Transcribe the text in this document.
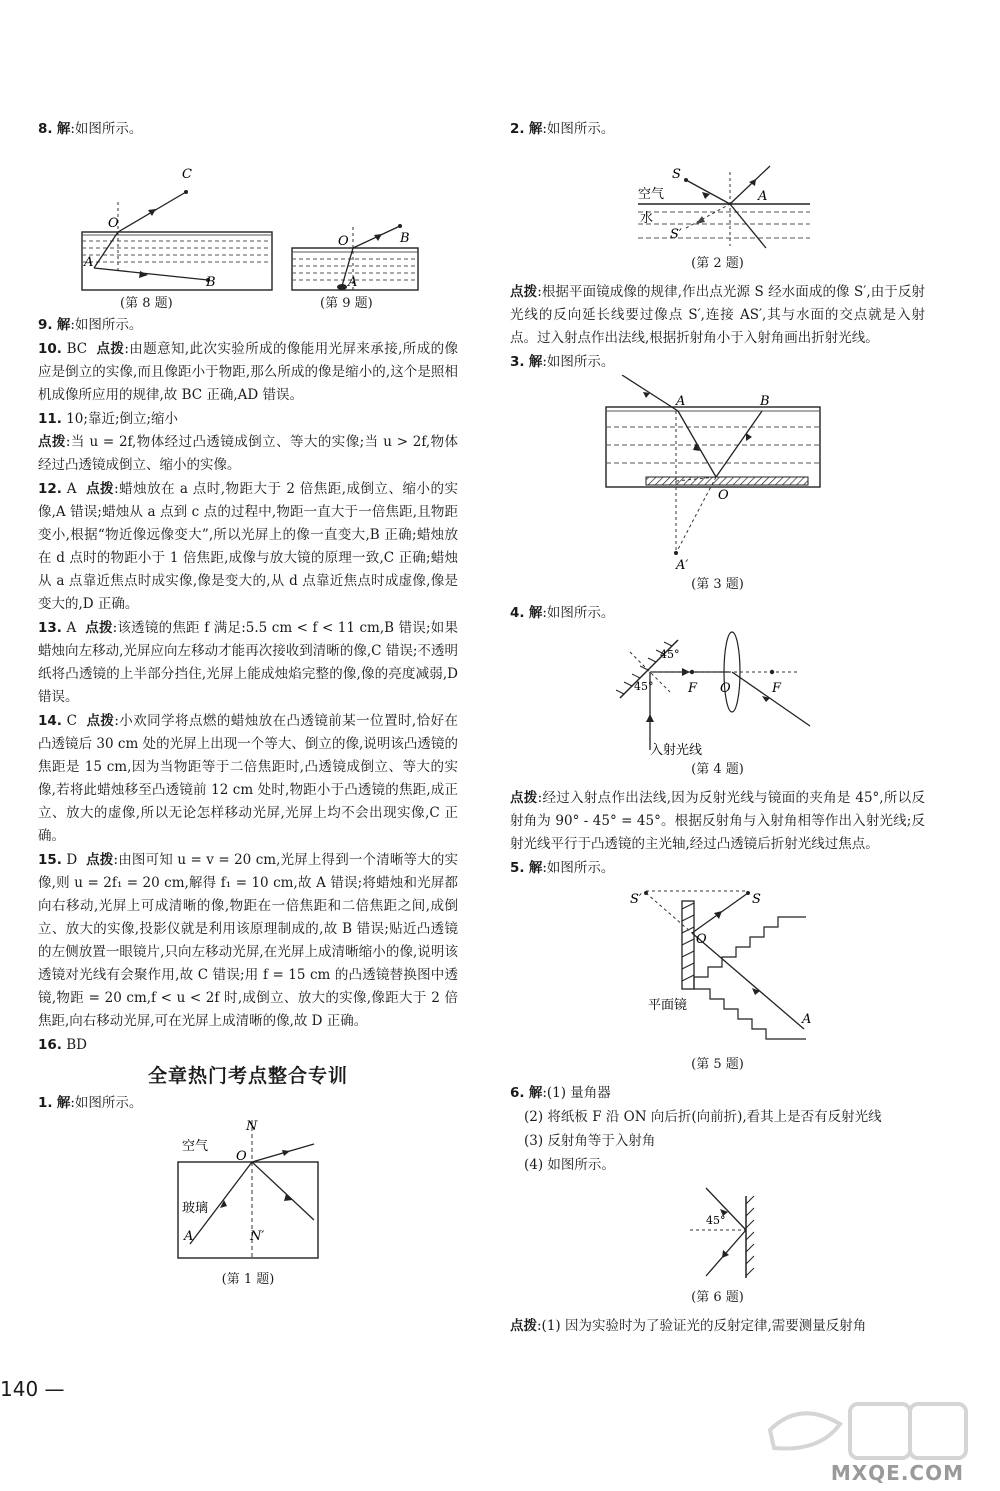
8. 解:如图所示。

C
O
A
B
O	B
A
(第 8 题)	(第 9 题)

9. 解:如图所示。

10. BC 点拨:由题意知,此次实验所成的像能用光屏来承接,所成的像应是倒立的实像,而且像距小于物距,那么所成的像是缩小的,这个是照相机成像所应用的规律,故 BC 正确,AD 错误。

11. 10;靠近;倒立;缩小
点拨:当 u = 2f,物体经过凸透镜成倒立、等大的实像;当 u > 2f,物体经过凸透镜成倒立、缩小的实像。

12. A 点拨:蜡烛放在 a 点时,物距大于 2 倍焦距,成倒立、缩小的实像,A 错误;蜡烛从 a 点到 c 点的过程中,物距一直大于一倍焦距,且物距变小,根据“物近像远像变大”,所以光屏上的像一直变大,B 正确;蜡烛放在 d 点时的物距小于 1 倍焦距,成像与放大镜的原理一致,C 正确;蜡烛从 a 点靠近焦点时成实像,像是变大的,从 d 点靠近焦点时成虚像,像是变大的,D 正确。

13. A 点拨:该透镜的焦距 f 满足:5.5 cm < f < 11 cm,B 错误;如果蜡烛向左移动,光屏应向左移动才能再次接收到清晰的像,C 错误;不透明纸将凸透镜的上半部分挡住,光屏上能成烛焰完整的像,像的亮度减弱,D 错误。

14. C 点拨:小欢同学将点燃的蜡烛放在凸透镜前某一位置时,恰好在凸透镜后 30 cm 处的光屏上出现一个等大、倒立的像,说明该凸透镜的焦距是 15 cm,因为当物距等于二倍焦距时,凸透镜成倒立、等大的实像,若将此蜡烛移至凸透镜前 12 cm 处时,物距小于凸透镜的焦距,成正立、放大的虚像,所以无论怎样移动光屏,光屏上均不会出现实像,C 正确。

15. D 点拨:由图可知 u = v = 20 cm,光屏上得到一个清晰等大的实像,则 u = 2f₁ = 20 cm,解得 f₁ = 10 cm,故 A 错误;将蜡烛和光屏都向右移动,光屏上可成清晰的像,物距在一倍焦距和二倍焦距之间,成倒立、放大的实像,投影仪就是利用该原理制成的,故 B 错误;贴近凸透镜的左侧放置一眼镜片,只向左移动光屏,在光屏上成清晰缩小的像,说明该透镜对光线有会聚作用,故 C 错误;用 f = 15 cm 的凸透镜替换图中透镜,物距 = 20 cm,f < u < 2f 时,成倒立、放大的实像,像距大于 2 倍焦距,向右移动光屏,可在光屏上成清晰的像,故 D 正确。

16. BD

全章热门考点整合专训

1. 解:如图所示。

N
空气
O
玻璃
A	N′
(第 1 题)
140 —

2. 解:如图所示。

S
空气	A
水
S′
(第 2 题)

点拨:根据平面镜成像的规律,作出点光源 S 经水面成的像 S′,由于反射光线的反向延长线要过像点 S′,连接 AS′,其与水面的交点就是入射点。过入射点作出法线,根据折射角小于入射角画出折射光线。

3. 解:如图所示。

A	B
O
A′
(第 3 题)

4. 解:如图所示。

45°
45°	F O	F
入射光线
(第 4 题)

点拨:经过入射点作出法线,因为反射光线与镜面的夹角是 45°,所以反射角为 90° - 45° = 45°。根据反射角与入射角相等作出入射光线;反射光线平行于凸透镜的主光轴,经过凸透镜后折射光线过焦点。

5. 解:如图所示。

S′	S
O
平面镜
A
(第 5 题)

6. 解:(1) 量角器

(2) 将纸板 F 沿 ON 向后折(向前折),看其上是否有反射光线

(3) 反射角等于入射角

(4) 如图所示。

45°
(第 6 题)

点拨:(1) 因为实验时为了验证光的反射定律,需要测量反射角

MXQE.COM
